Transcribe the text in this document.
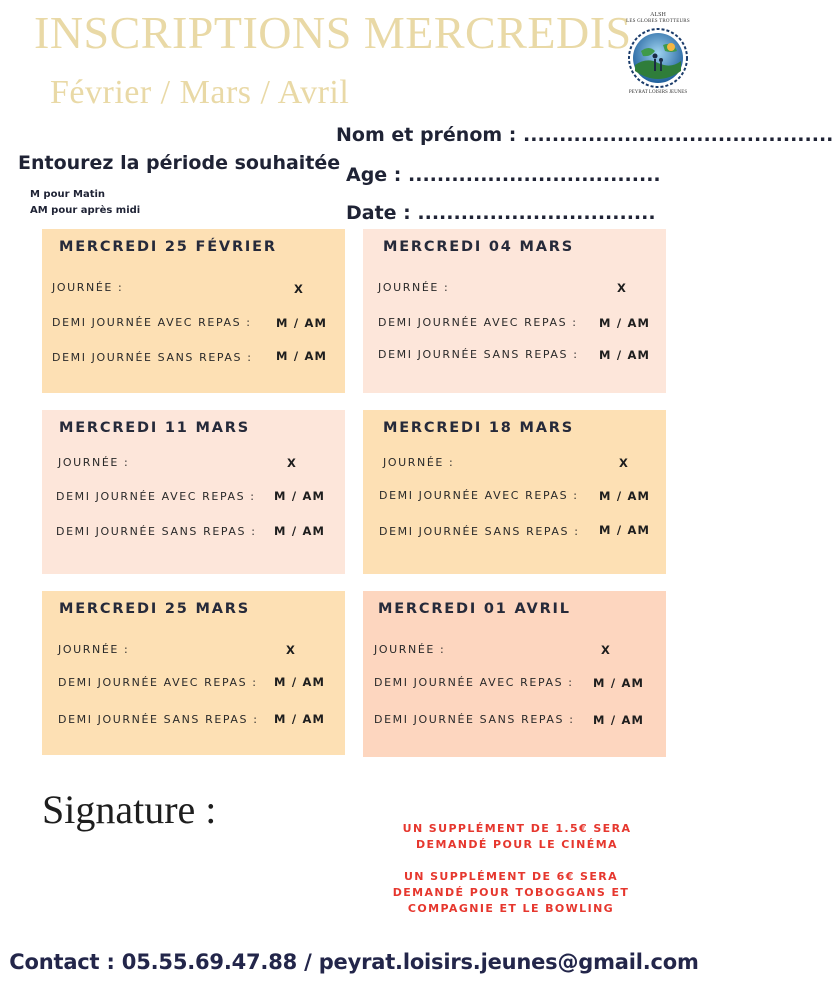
INSCRIPTIONS MERCREDIS
Février / Mars / Avril
ALSH
LES GLOBES TROTTEURS
PEYRAT LOISIRS JEUNES
Nom et prénom : ...........................................
Age : ...................................
Date : .................................
Entourez la période souhaitée
M pour Matin
AM pour après midi
MERCREDI 25 FÉVRIER
JOURNÉE :	X
DEMI JOURNÉE AVEC REPAS : M / AM
DEMI JOURNÉE SANS REPAS : M / AM
MERCREDI 04 MARS
JOURNÉE :	X
DEMI JOURNÉE AVEC REPAS : M / AM
DEMI JOURNÉE SANS REPAS : M / AM
MERCREDI 11 MARS
JOURNÉE :	X
DEMI JOURNÉE AVEC REPAS : M / AM
DEMI JOURNÉE SANS REPAS : M / AM
MERCREDI 18 MARS
JOURNÉE :	X
DEMI JOURNÉE AVEC REPAS : M / AM
DEMI JOURNÉE SANS REPAS : M / AM
MERCREDI 25 MARS
JOURNÉE :	X
DEMI JOURNÉE AVEC REPAS : M / AM
DEMI JOURNÉE SANS REPAS : M / AM
MERCREDI 01 AVRIL
JOURNÉE :	X
DEMI JOURNÉE AVEC REPAS : M / AM
DEMI JOURNÉE SANS REPAS : M / AM
Signature :	UN SUPPLÉMENT DE 1.5€ SERA DEMANDÉ POUR LE CINÉMA
UN SUPPLÉMENT DE 6€ SERA DEMANDÉ POUR TOBOGGANS ET COMPAGNIE ET LE BOWLING
Contact : 05.55.69.47.88 / peyrat.loisirs.jeunes@gmail.com
